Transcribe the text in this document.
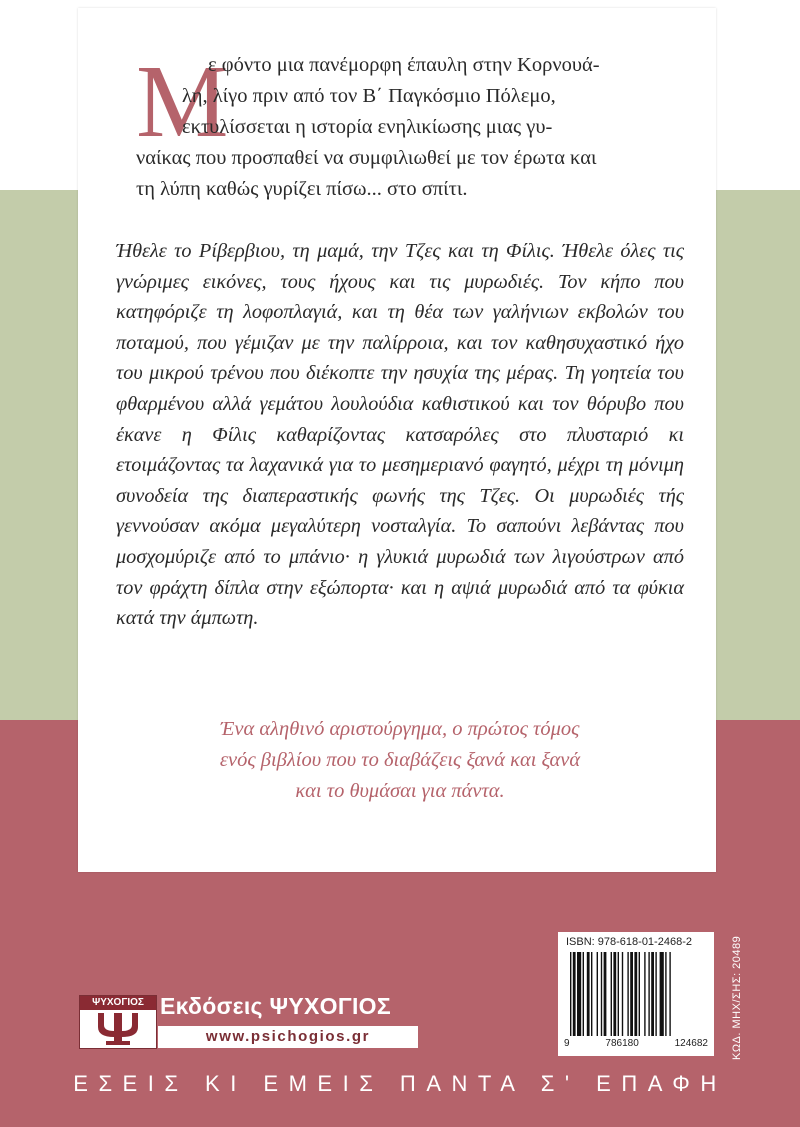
Μ
ε φόντο μια πανέμορφη έπαυλη στην Κορνουά-
λη, λίγο πριν από τον Β΄ Παγκόσμιο Πόλεμο,
εκτυλίσσεται η ιστορία ενηλικίωσης μιας γυ-
ναίκας που προσπαθεί να συμφιλιωθεί με τον έρωτα και
τη λύπη καθώς γυρίζει πίσω... στο σπίτι.

Ήθελε το Ρίβερβιου, τη μαμά, την Τζες και τη Φίλις. Ήθελε όλες τις γνώριμες εικόνες, τους ήχους και τις μυρωδιές. Τον κήπο που κατηφόριζε τη λοφοπλαγιά, και τη θέα των γαλήνιων εκβολών του ποταμού, που γέμιζαν με την παλίρροια, και τον καθησυχαστικό ήχο του μικρού τρένου που διέκοπτε την ησυχία της μέρας. Τη γοητεία του φθαρμένου αλλά γεμάτου λουλούδια καθιστικού και τον θόρυβο που έκανε η Φίλις καθαρίζοντας κατσαρόλες στο πλυσταριό κι ετοιμάζοντας τα λαχανικά για το μεσημεριανό φαγητό, μέχρι τη μόνιμη συνοδεία της διαπεραστικής φωνής της Τζες. Οι μυρωδιές τής γεννούσαν ακόμα μεγαλύτερη νοσταλγία. Το σαπούνι λεβάντας που μοσχομύριζε από το μπάνιο· η γλυκιά μυρωδιά των λιγούστρων από τον φράχτη δίπλα στην εξώπορτα· και η αψιά μυρωδιά από τα φύκια κατά την άμπωτη.

Ένα αληθινό αριστούργημα, ο πρώτος τόμος
ενός βιβλίου που το διαβάζεις ξανά και ξανά
και το θυμάσαι για πάντα.
ISBN: 978-618-01-2468-2
9	786180	124682 ΚΩΔ. ΜΗΧ/ΣΗΣ: 20489
ΨΥΧΟΓΙΟΣ Εκδόσεις ΨΥΧΟΓΙΟΣ
www.psichogios.gr
ΕΣΕΙΣ ΚΙ ΕΜΕΙΣ ΠΑΝΤΑ Σ' ΕΠΑΦΗ
